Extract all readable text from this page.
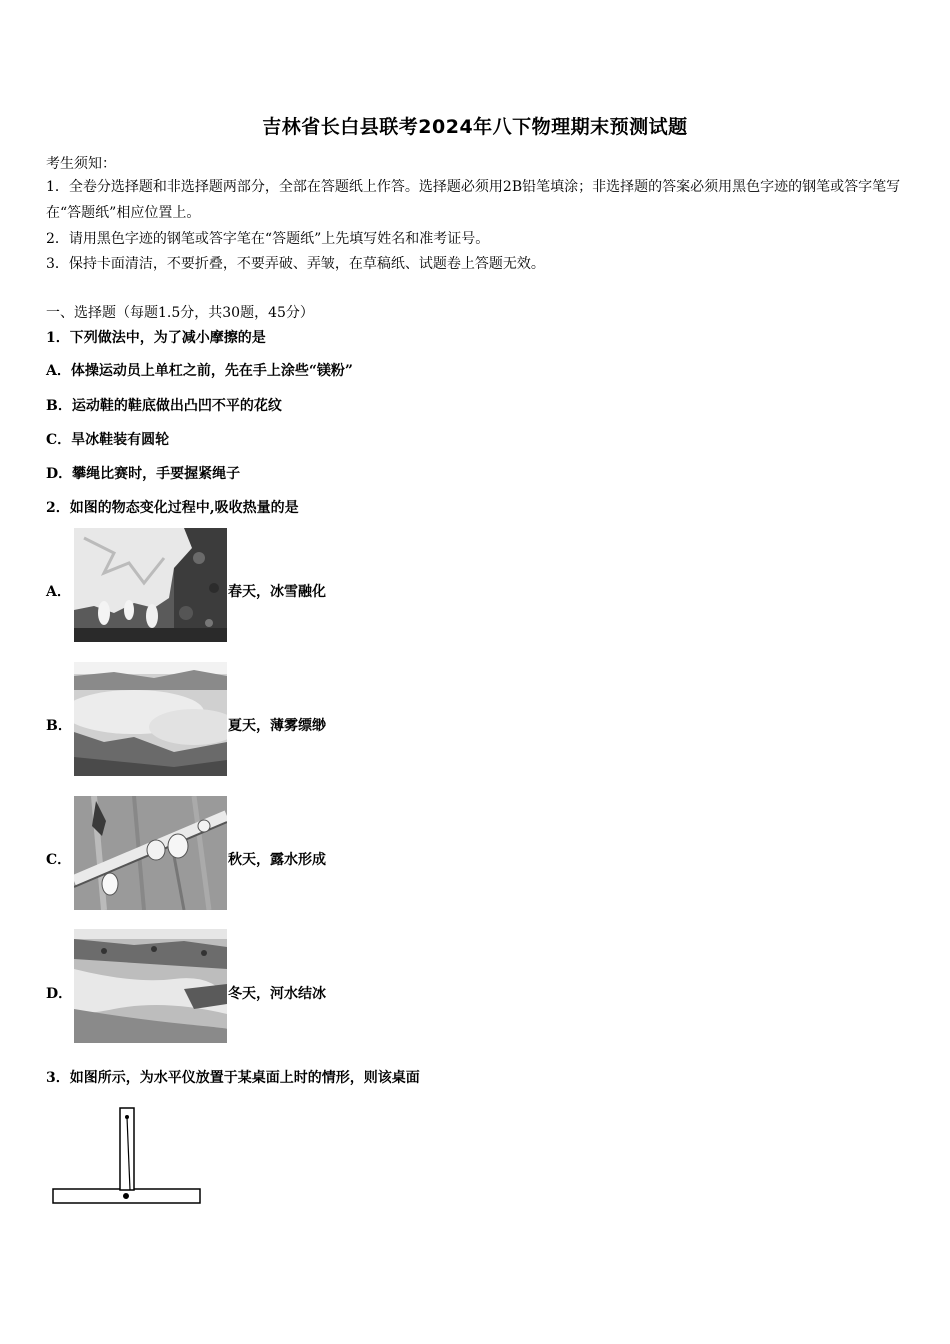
吉林省长白县联考2024年八下物理期末预测试题
考生须知：
1．全卷分选择题和非选择题两部分，全部在答题纸上作答。选择题必须用2B铅笔填涂；非选择题的答案必须用黑色字迹的钢笔或答字笔写在“答题纸”相应位置上。
2．请用黑色字迹的钢笔或答字笔在“答题纸”上先填写姓名和准考证号。
3．保持卡面清洁，不要折叠，不要弄破、弄皱，在草稿纸、试题卷上答题无效。
一、选择题（每题1.5分，共30题，45分）
1．下列做法中，为了减小摩擦的是
A．体操运动员上单杠之前，先在手上涂些“镁粉”
B．运动鞋的鞋底做出凸凹不平的花纹
C．旱冰鞋装有圆轮
D．攀绳比赛时，手要握紧绳子
2．如图的物态变化过程中,吸收热量的是
A．	春天，冰雪融化
B．	夏天，薄雾缥缈
C．	秋天，露水形成
D．	冬天，河水结冰
3．如图所示，为水平仪放置于某桌面上时的情形，则该桌面
